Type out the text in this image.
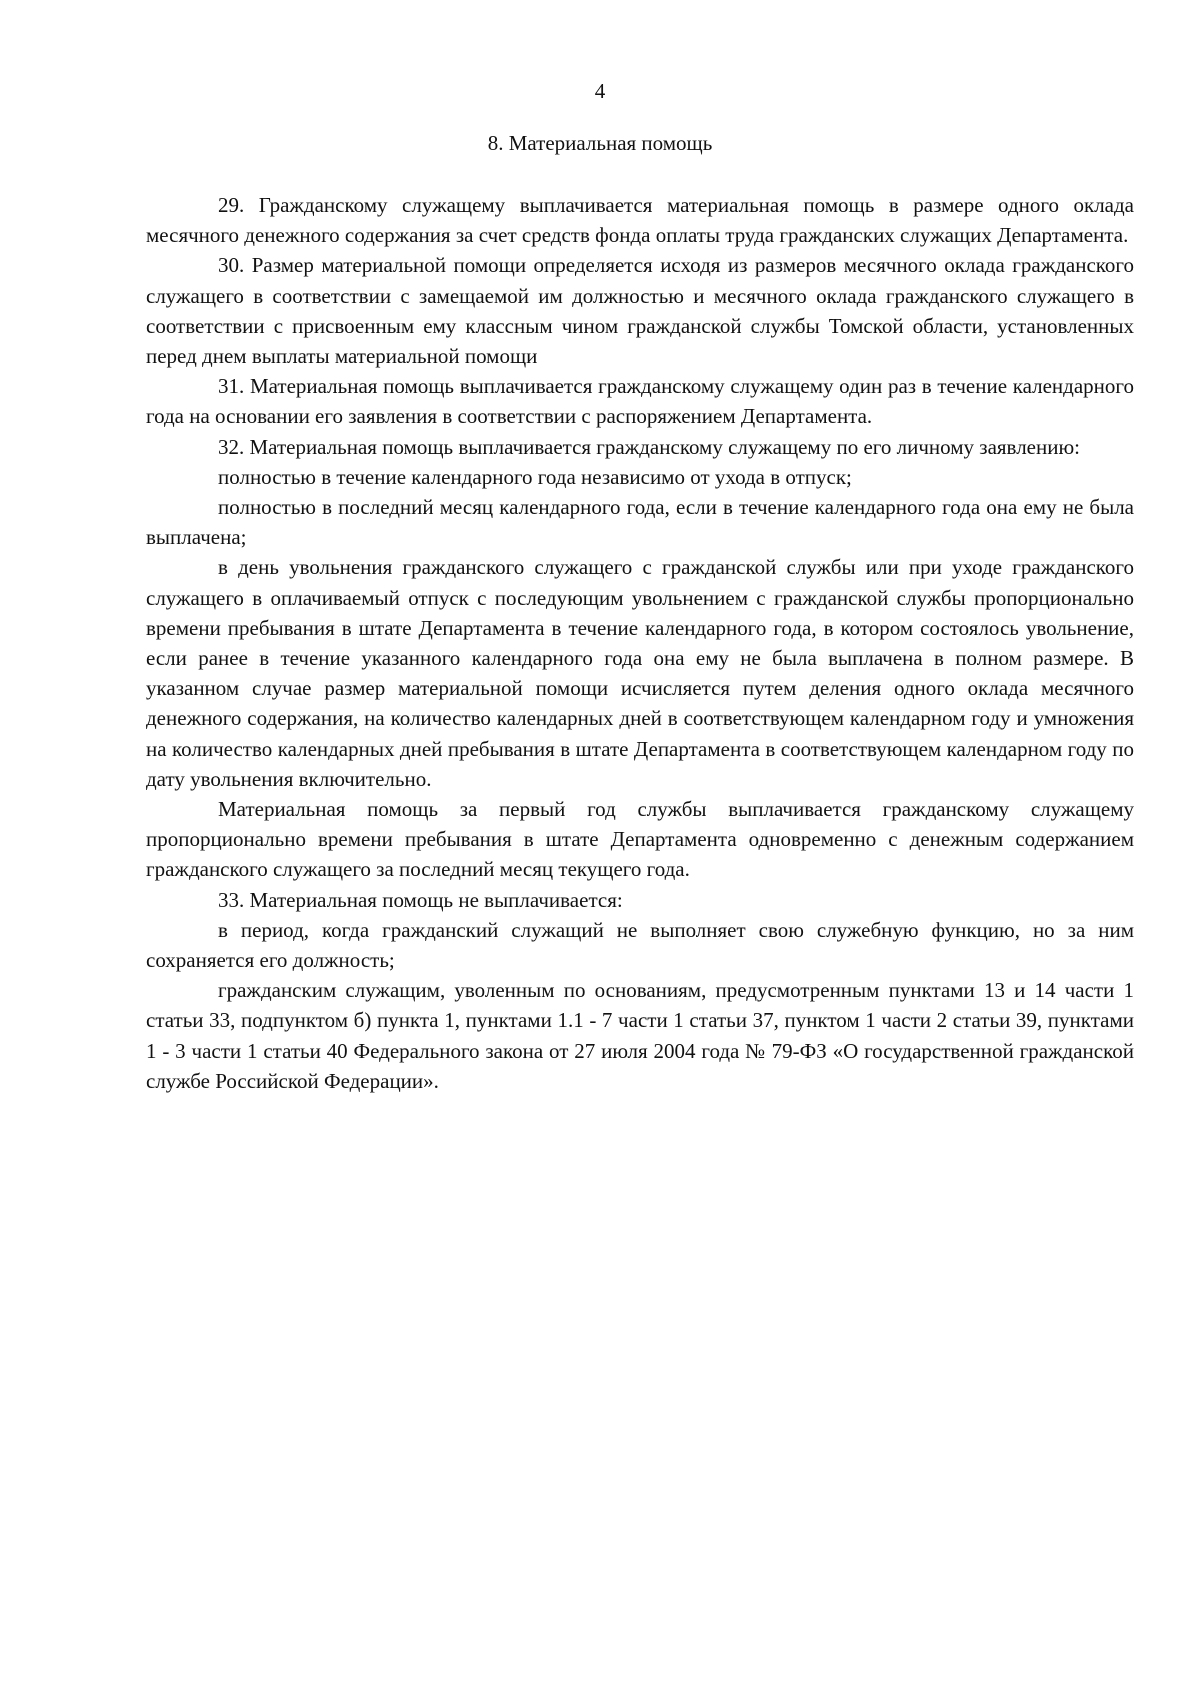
4
8. Материальная помощь

29. Гражданскому служащему выплачивается материальная помощь в размере одного оклада месячного денежного содержания за счет средств фонда оплаты труда гражданских служащих Департамента.

30. Размер материальной помощи определяется исходя из размеров месячного оклада гражданского служащего в соответствии с замещаемой им должностью и месячного оклада гражданского служащего в соответствии с присвоенным ему классным чином гражданской службы Томской области, установленных перед днем выплаты материальной помощи

31. Материальная помощь выплачивается гражданскому служащему один раз в течение календарного года на основании его заявления в соответствии с распоряжением Департамента.

32. Материальная помощь выплачивается гражданскому служащему по его личному заявлению:

полностью в течение календарного года независимо от ухода в отпуск;

полностью в последний месяц календарного года, если в течение календарного года она ему не была выплачена;

в день увольнения гражданского служащего с гражданской службы или при уходе гражданского служащего в оплачиваемый отпуск с последующим увольнением с гражданской службы пропорционально времени пребывания в штате Департамента в течение календарного года, в котором состоялось увольнение, если ранее в течение указанного календарного года она ему не была выплачена в полном размере. В указанном случае размер материальной помощи исчисляется путем деления одного оклада месячного денежного содержания, на количество календарных дней в соответствующем календарном году и умножения на количество календарных дней пребывания в штате Департамента в соответствующем календарном году по дату увольнения включительно.

Материальная помощь за первый год службы выплачивается гражданскому служащему пропорционально времени пребывания в штате Департамента одновременно с денежным содержанием гражданского служащего за последний месяц текущего года.

33. Материальная помощь не выплачивается:

в период, когда гражданский служащий не выполняет свою служебную функцию, но за ним сохраняется его должность;

гражданским служащим, уволенным по основаниям, предусмотренным пунктами 13 и 14 части 1 статьи 33, подпунктом б) пункта 1, пунктами 1.1 - 7 части 1 статьи 37, пунктом 1 части 2 статьи 39, пунктами 1 - 3 части 1 статьи 40 Федерального закона от 27 июля 2004 года № 79-ФЗ «О государственной гражданской службе Российской Федерации».
